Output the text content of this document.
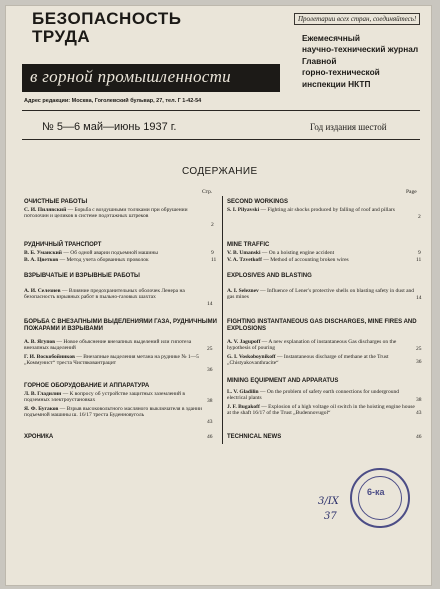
БЕЗОПАСНОСТЬ
ТРУДА
в горной промышленности
Пролетарии всех стран, соединяйтесь!
Ежемесячный
научно-технический журнал
Главной
горно-технической
инспекции НКТП
Адрес редакции: Москва, Гоголевский бульвар, 27, тел. Г 1-42-54
№ 5—6 май—июнь 1937 г.	Год издания шестой
СОДЕРЖАНИЕ
Стр.	Page
ОЧИСТНЫЕ РАБОТЫ
С. И. Пилявский — Борьба с воздушными толчками при обрушении потолочин и целиков в системе подэтажных штреков
2
РУДНИЧНЫЙ ТРАНСПОРТ
В. Б. Уманский — Об одной аварии подъемной машины	9
В. А. Цветков — Метод учета оборванных проволок	11
ВЗРЫВЧАТЫЕ И ВЗРЫВНЫЕ РАБОТЫ
А. И. Селезнев — Влияние предохранительных оболочек Ленера на безопасность взрывных работ в пыльно-газовых шахтах
14
БОРЬБА С ВНЕЗАПНЫМИ ВЫДЕЛЕНИЯМИ ГАЗА, РУДНИЧНЫМИ ПОЖАРАМИ И ВЗРЫВАМИ
А. В. Ягупов — Новое объяснение внезапных выделений или гипотеза внезапных выделений	25
Г. И. Воскобойников — Внезапные выделения метана на руднике № 1—5 „Коммунист“ треста Чистяковантрацит
36
ГОРНОЕ ОБОРУДОВАНИЕ И АППАРАТУРА
Л. В. Гладилин — К вопросу об устройстве защитных заземлений в подземных электроустановках	38
Я. Ф. Бугаков — Взрыв высоковольтного масляного выключателя в здании подъемной машины ш. 16/17 треста Буденновуголь
43
ХРОНИКА	46
SECOND WORKINGS
S. I. Pilyavski — Fighting air shocks produced by falling of roof and pillars
2
MINE TRAFFIC
V. B. Umanski — On a hoisting engine accident	9
V. A. Tzvetkoff — Method of accounting broken wires	11
EXPLOSIVES AND BLASTING
A. I. Seleznev — Influence of Lener's protective shells on blasting safety in dust and gas mines	14
FIGHTING INSTANTANEOUS GAS DISCHARGES, MINE FIRES AND EXPLOSIONS
A. V. Jagupoff — A new explanation of instantaneous Gas discharges on the hypothesis of pouring	25
G. I. Voskoboynikoff — Instantaneous discharge of methane at the Trust „Chistyakovanthracite“	36
MINING EQUIPMENT AND APPARATUS
L. V. Gladilin — On the problem of safety earth connections for underground electrical plants	38
J. F. Bugakoff — Explosion of a high voltage oil switch in the hoisting engine house at the shaft 16/17 of the Trust „Budennovugol“	43
TECHNICAL NEWS	46
3/IX
37
6-ка
